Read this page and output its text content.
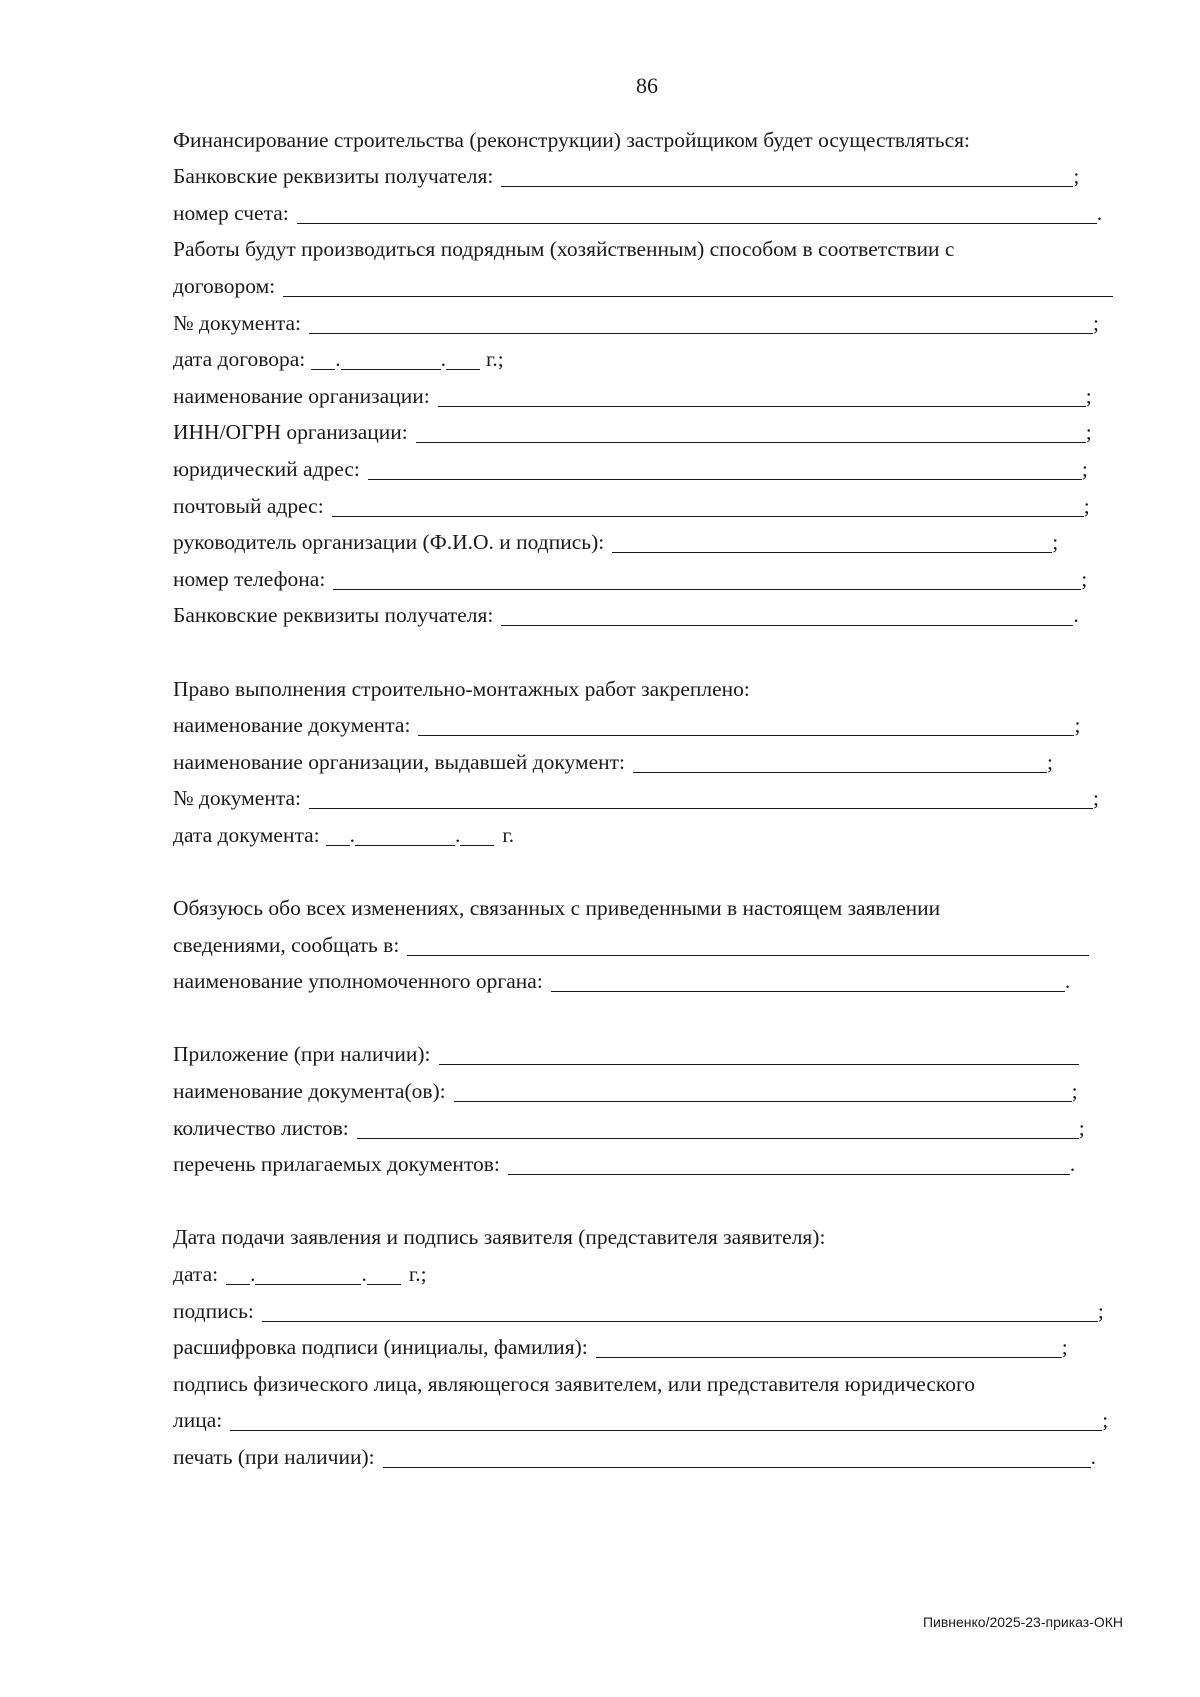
86
Финансирование строительства (реконструкции) застройщиком будет осуществляться:
Банковские реквизиты получателя:	;
номер счета:	.
Работы будут производиться подрядным (хозяйственным) способом в соответствии с
договором:
№ документа:	;
дата договора: .	. г.;
наименование организации:	;
ИНН/ОГРН организации:	;
юридический адрес:	;
почтовый адрес:	;
руководитель организации (Ф.И.О. и подпись):	;
номер телефона:	;
Банковские реквизиты получателя:	.
Право выполнения строительно-монтажных работ закреплено:
наименование документа:	;
наименование организации, выдавшей документ:	;
№ документа:	;
дата документа: .	. г.
Обязуюсь обо всех изменениях, связанных с приведенными в настоящем заявлении
сведениями, сообщать в:
наименование уполномоченного органа:	.
Приложение (при наличии):
наименование документа(ов):	;
количество листов:	;
перечень прилагаемых документов:	.
Дата подачи заявления и подпись заявителя (представителя заявителя):
дата: .	. г.;
подпись:	;
расшифровка подписи (инициалы, фамилия):	;
подпись физического лица, являющегося заявителем, или представителя юридического
лица:	;
печать (при наличии):	.
Пивненко/2025-23-приказ-ОКН
